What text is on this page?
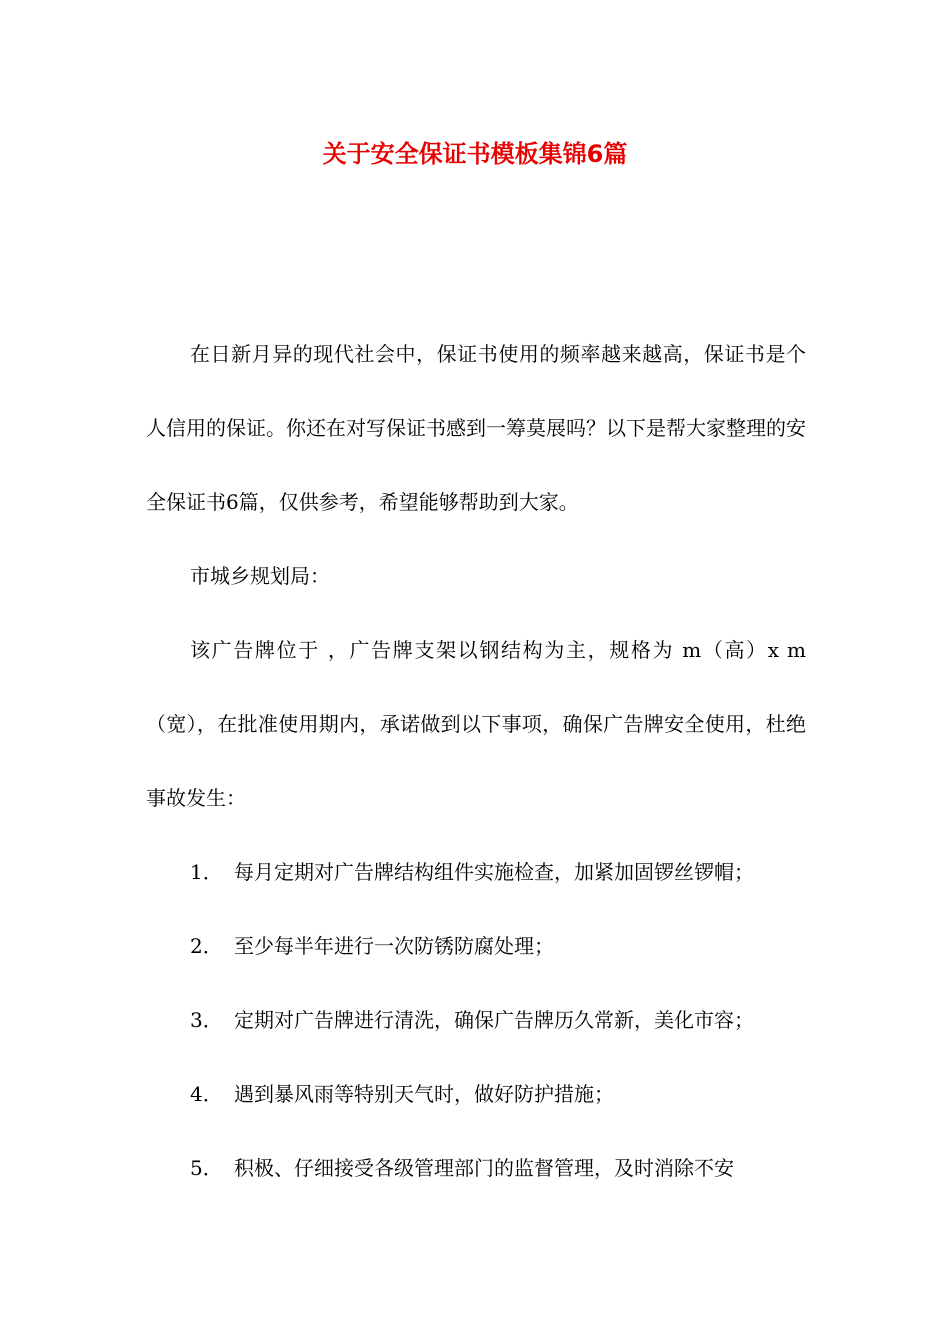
关于安全保证书模板集锦6篇

在日新月异的现代社会中，保证书使用的频率越来越高，保证书是个人信用的保证。你还在对写保证书感到一筹莫展吗？以下是帮大家整理的安全保证书6篇，仅供参考，希望能够帮助到大家。

市城乡规划局：

该广告牌位于 ，广告牌支架以钢结构为主，规格为 m（高）x m（宽），在批准使用期内，承诺做到以下事项，确保广告牌安全使用，杜绝事故发生：

1． 每月定期对广告牌结构组件实施检查，加紧加固锣丝锣帽；
2． 至少每半年进行一次防锈防腐处理；
3． 定期对广告牌进行清洗，确保广告牌历久常新，美化市容；
4． 遇到暴风雨等特别天气时，做好防护措施；
5． 积极、仔细接受各级管理部门的监督管理，及时消除不安
